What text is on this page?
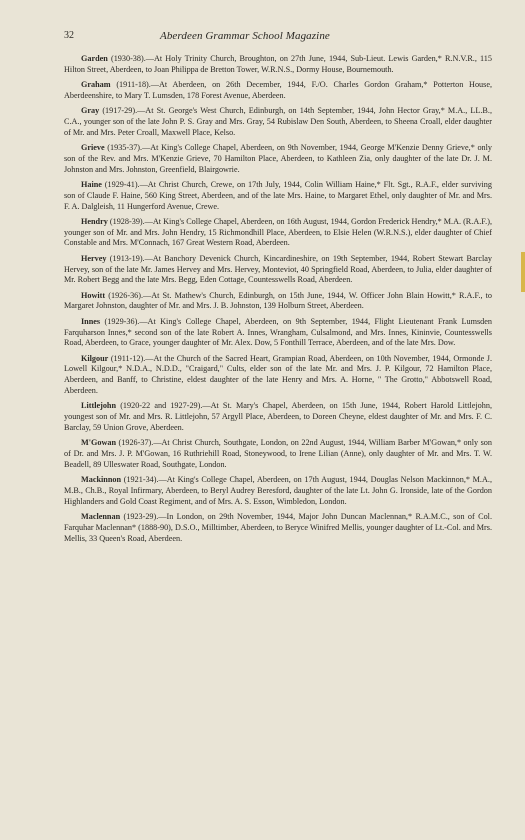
32	Aberdeen Grammar School Magazine

Garden (1930-38).—At Holy Trinity Church, Broughton, on 27th June, 1944, Sub-Lieut. Lewis Garden,* R.N.V.R., 115 Hilton Street, Aberdeen, to Joan Philippa de Bretton Tower, W.R.N.S., Dormy House, Bournemouth.

Graham (1911-18).—At Aberdeen, on 26th December, 1944, F./O. Charles Gordon Graham,* Potterton House, Aberdeenshire, to Mary T. Lumsden, 178 Forest Avenue, Aberdeen.

Gray (1917-29).—At St. George's West Church, Edinburgh, on 14th September, 1944, John Hector Gray,* M.A., LL.B., C.A., younger son of the late John P. S. Gray and Mrs. Gray, 54 Rubislaw Den South, Aberdeen, to Sheena Croall, elder daughter of Mr. and Mrs. Peter Croall, Maxwell Place, Kelso.

Grieve (1935-37).—At King's College Chapel, Aberdeen, on 9th November, 1944, George M'Kenzie Denny Grieve,* only son of the Rev. and Mrs. M'Kenzie Grieve, 70 Hamilton Place, Aberdeen, to Kathleen Zia, only daughter of the late Dr. J. M. Johnston and Mrs. Johnston, Greenfield, Blairgowrie.

Haine (1929-41).—At Christ Church, Crewe, on 17th July, 1944, Colin William Haine,* Flt. Sgt., R.A.F., elder surviving son of Claude F. Haine, 560 King Street, Aberdeen, and of the late Mrs. Haine, to Margaret Ethel, only daughter of Mr. and Mrs. F. A. Dalgleish, 11 Hungerford Avenue, Crewe.

Hendry (1928-39).—At King's College Chapel, Aberdeen, on 16th August, 1944, Gordon Frederick Hendry,* M.A. (R.A.F.), younger son of Mr. and Mrs. John Hendry, 15 Richmondhill Place, Aberdeen, to Elsie Helen (W.R.N.S.), elder daughter of Chief Constable and Mrs. M'Connach, 167 Great Western Road, Aberdeen.

Hervey (1913-19).—At Banchory Devenick Church, Kincardineshire, on 19th September, 1944, Robert Stewart Barclay Hervey, son of the late Mr. James Hervey and Mrs. Hervey, Monteviot, 40 Springfield Road, Aberdeen, to Julia, elder daughter of Mr. Robert Begg and the late Mrs. Begg, Eden Cottage, Countesswells Road, Aberdeen.

Howitt (1926-36).—At St. Mathew's Church, Edinburgh, on 15th June, 1944, W. Officer John Blain Howitt,* R.A.F., to Margaret Johnston, daughter of Mr. and Mrs. J. B. Johnston, 139 Holburn Street, Aberdeen.

Innes (1929-36).—At King's College Chapel, Aberdeen, on 9th September, 1944, Flight Lieutenant Frank Lumsden Farquharson Innes,* second son of the late Robert A. Innes, Wrangham, Culsalmond, and Mrs. Innes, Kininvie, Countesswells Road, Aberdeen, to Grace, younger daughter of Mr. Alex. Dow, 5 Fonthill Terrace, Aberdeen, and of the late Mrs. Dow.

Kilgour (1911-12).—At the Church of the Sacred Heart, Grampian Road, Aberdeen, on 10th November, 1944, Ormonde J. Lowell Kilgour,* N.D.A., N.D.D., "Craigard," Cults, elder son of the late Mr. and Mrs. J. P. Kilgour, 72 Hamilton Place, Aberdeen, and Banff, to Christine, eldest daughter of the late Henry and Mrs. A. Horne, " The Grotto," Abbotswell Road, Aberdeen.

Littlejohn (1920-22 and 1927-29).—At St. Mary's Chapel, Aberdeen, on 15th June, 1944, Robert Harold Littlejohn, youngest son of Mr. and Mrs. R. Littlejohn, 57 Argyll Place, Aberdeen, to Doreen Cheyne, eldest daughter of Mr. and Mrs. F. C. Barclay, 59 Union Grove, Aberdeen.

M'Gowan (1926-37).—At Christ Church, Southgate, London, on 22nd August, 1944, William Barber M'Gowan,* only son of Dr. and Mrs. J. P. M'Gowan, 16 Ruthriehill Road, Stoneywood, to Irene Lilian (Anne), only daughter of Mr. and Mrs. T. W. Beadell, 89 Ulleswater Road, Southgate, London.

Mackinnon (1921-34).—At King's College Chapel, Aberdeen, on 17th August, 1944, Douglas Nelson Mackinnon,* M.A., M.B., Ch.B., Royal Infirmary, Aberdeen, to Beryl Audrey Beresford, daughter of the late Lt. John G. Ironside, late of the Gordon Highlanders and Gold Coast Regiment, and of Mrs. A. S. Esson, Wimbledon, London.

Maclennan (1923-29).—In London, on 29th November, 1944, Major John Duncan Maclennan,* R.A.M.C., son of Col. Farquhar Maclennan* (1888-90), D.S.O., Milltimber, Aberdeen, to Beryce Winifred Mellis, younger daughter of Lt.-Col. and Mrs. Mellis, 33 Queen's Road, Aberdeen.
